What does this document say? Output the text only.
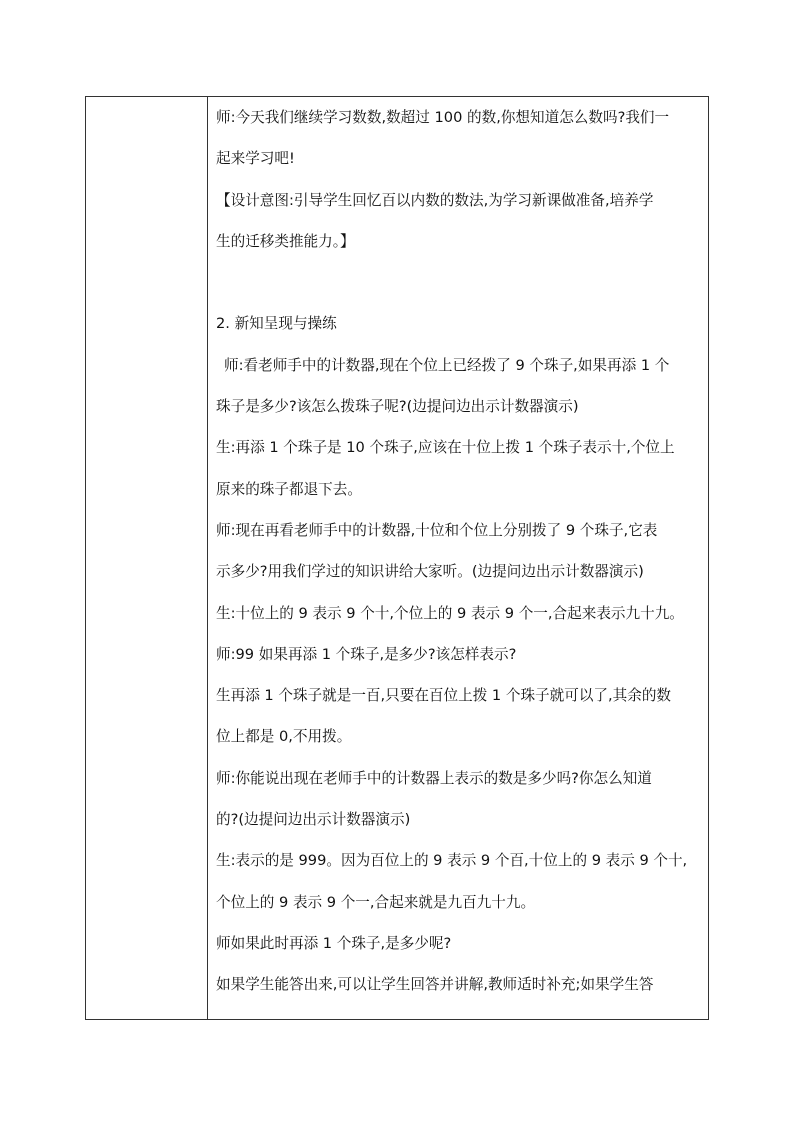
师:今天我们继续学习数数,数超过 100 的数,你想知道怎么数吗?我们一
起来学习吧!
【设计意图:引导学生回忆百以内数的数法,为学习新课做准备,培养学
生的迁移类推能力。】
2. 新知呈现与操练
师:看老师手中的计数器,现在个位上已经拨了 9 个珠子,如果再添 1 个
珠子是多少?该怎么拨珠子呢?(边提问边出示计数器演示)
生:再添 1 个珠子是 10 个珠子,应该在十位上拨 1 个珠子表示十,个位上
原来的珠子都退下去。
师:现在再看老师手中的计数器,十位和个位上分别拨了 9 个珠子,它表
示多少?用我们学过的知识讲给大家听。(边提问边出示计数器演示)
生:十位上的 9 表示 9 个十,个位上的 9 表示 9 个一,合起来表示九十九。
师:99 如果再添 1 个珠子,是多少?该怎样表示?
生再添 1 个珠子就是一百,只要在百位上拨 1 个珠子就可以了,其余的数
位上都是 0,不用拨。
师:你能说出现在老师手中的计数器上表示的数是多少吗?你怎么知道
的?(边提问边出示计数器演示)
生:表示的是 999。因为百位上的 9 表示 9 个百,十位上的 9 表示 9 个十,
个位上的 9 表示 9 个一,合起来就是九百九十九。
师如果此时再添 1 个珠子,是多少呢?
如果学生能答出来,可以让学生回答并讲解,教师适时补充;如果学生答
